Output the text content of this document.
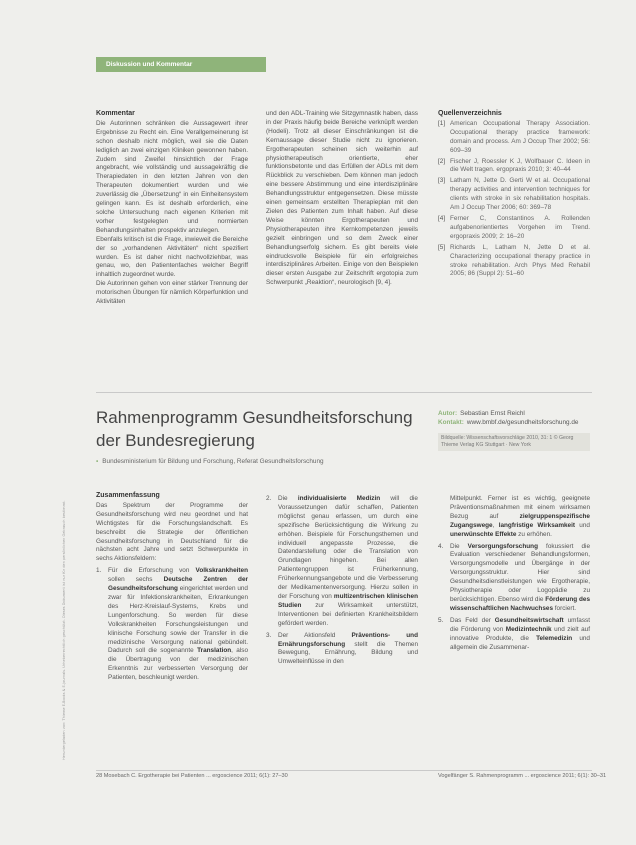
Heruntergeladen von: Thieme E-Books & E-Journals. Urheberrechtlich geschützt. Dieses Dokument ist nur für den persönlichen Gebrauch bestimmt.
Diskussion und Kommentar
Kommentar

Die Autorinnen schränken die Aussagewert ihrer Ergebnisse zu Recht ein. Eine Verallgemeinerung ist schon deshalb nicht möglich, weil sie die Daten lediglich an zwei einzigen Kliniken gewonnen haben. Zudem sind Zweifel hinsichtlich der Frage angebracht, wie vollständig und aussagekräftig die Therapiedaten in den letzten Jahren von den Therapeuten dokumentiert wurden und wie zuverlässig die „Übersetzung“ in ein Einheitensystem gelingen kann. Es ist deshalb erforderlich, eine solche Untersuchung nach eigenen Kriterien mit vorher festgelegten und normierten Behandlungsinhalten prospektiv anzulegen.

Ebenfalls kritisch ist die Frage, inwieweit die Bereiche der so „vorhandenen Aktivitäten“ nicht spezifiert wurden. Es ist daher nicht nachvollziehbar, was genau, wo, den Patientenfaches welcher Begriff inhaltlich zugeordnet wurde.

Die Autorinnen gehen von einer stärker Trennung der motorischen Übungen für nämlich Körperfunktion und Aktivitäten

und den ADL-Training wie Sitzgymnastik haben, dass in der Praxis häufig beide Bereiche verknüpft werden (Hodeli). Trotz all dieser Einschränkungen ist die Kernaussage dieser Studie nicht zu ignorieren. Ergotherapeuten scheinen sich weiterhin auf physiotherapeutisch orientierte, eher funktionsbetonte und das Erfüllen der ADLs mit dem Rückblick zu verschieben. Dem können man jedoch eine bessere Abstimmung und eine interdisziplinäre Behandlungsstruktur entgegensetzen. Diese müsste einen gemeinsam erstellten Therapieplan mit den Zielen des Patienten zum Inhalt haben. Auf diese Weise könnten Ergotherapeuten und Physiotherapeuten ihre Kernkompetenzen jeweils gezielt einbringen und so dem Zweck einer Behandlungserfolg sichern. Es gibt bereits viele eindrucksvolle Beispiele für ein erfolgreiches interdisziplinäres Arbeiten. Einige von den Beispielen dieser ersten Ausgabe zur Zeitschrift ergotopia zum Schwerpunkt „Reaktion“, neurologisch [9, 4].

Quellenverzeichnis
[1] American Occupational Therapy Association. Occupational therapy practice framework: domain and process. Am J Occup Ther 2002; 56: 609–39
[2] Fischer J, Roessler K J, Wolfbauer C. Ideen in die Welt tragen. ergopraxis 2010; 3: 40–44
[3] Latham N, Jette D. Gerti W et al. Occupational therapy activities and intervention techniques for clients with stroke in six rehabilitation hospitals. Am J Occup Ther 2006; 60: 369–78
[4] Ferner C, Constantinos A. Rollenden aufgabenorientiertes Vorgehen im Trend. ergopraxis 2009; 2: 16–20
[5] Richards L, Latham N, Jette D et al. Characterizing occupational therapy practice in stroke rehabilitation. Arch Phys Med Rehabil 2005; 86 (Suppl 2): 51–60
Rahmenprogramm Gesundheitsforschung der Bundesregierung
▪ Bundesministerium für Bildung und Forschung, Referat Gesundheitsforschung
Autor: Sebastian Ernst Reichl
Kontakt: www.bmbf.de/gesundheitsforschung.de
Bildquelle: Wissenschaftsvorschläge 2010, 31: 1 © Georg Thieme Verlag KG Stuttgart · New York
Zusammenfassung

Das Spektrum der Programme der Gesundheitsforschung wird neu geordnet und hat Wichtigstes für die Forschungslandschaft. Es beschreibt die Strategie der öffentlichen Gesundheitsforschung in Deutschland für die nächsten acht Jahre und setzt Schwerpunkte in sechs Aktionsfeldern:

1.	Für die Erforschung von Volkskrankheiten sollen sechs Deutsche Zentren der Gesundheitsforschung eingerichtet werden und zwar für Infektionskrankheiten, Erkrankungen des Herz-Kreislauf-Systems, Krebs und Lungenforschung. So werden für diese Volkskrankheiten Forschungsleistungen und klinische Forschung sowie der Transfer in die medizinische Versorgung national gebündelt. Dadurch soll die sogenannte Translation, also die Übertragung von der medizinischen Erkenntnis zur verbesserten Versorgung der Patienten, beschleunigt werden.
2.	Die individualisierte Medizin will die Voraussetzungen dafür schaffen, Patienten möglichst genau erfassen, um durch eine spezifische Berücksichtigung die Wirkung zu erhöhen. Beispiele für Forschungsthemen und individuell angepasste Prozesse, die Datendarstellung oder die Translation von Grundlagen hingehen. Bei allen Patientengruppen ist Früherkennung, Früherkennungsangebote und die Verbesserung der Medikamentenversorgung. Hierzu sollen in der Forschung von multizentrischen klinischen Studien zur Wirksamkeit unterstützt, Interventionen bei definierten Krankheitsbildern gefördert werden.
3.	Der Aktionsfeld Präventions- und Ernährungsforschung stellt die Themen Bewegung, Ernährung, Bildung und Umwelteinflüsse in den
Mittelpunkt. Ferner ist es wichtig, geeignete Präventionsmaßnahmen mit einem wirksamen Bezug auf zielgruppenspezifische Zugangswege, langfristige Wirksamkeit und unerwünschte Effekte zu erhöhen.
4.	Die Versorgungsforschung fokussiert die Evaluation verschiedener Behandlungsformen, Versorgungsmodelle und Übergänge in der Versorgungsstruktur. Hier sind Gesundheitsdienstleistungen wie Ergotherapie, Physiotherapie oder Logopädie zu berücksichtigen. Ebenso wird die Förderung des wissenschaftlichen Nachwuchses forciert.
5.	Das Feld der Gesundheitswirtschaft umfasst die Förderung von Medizintechnik und zielt auf innovative Produkte, die Telemedizin und allgemein die Zusammenar-
28 Mosebach C. Ergotherapie bei Patienten ... ergoscience 2011; 6(1): 27–30	Vogelfänger S. Rahmenprogramm ... ergoscience 2011; 6(1): 30–31
